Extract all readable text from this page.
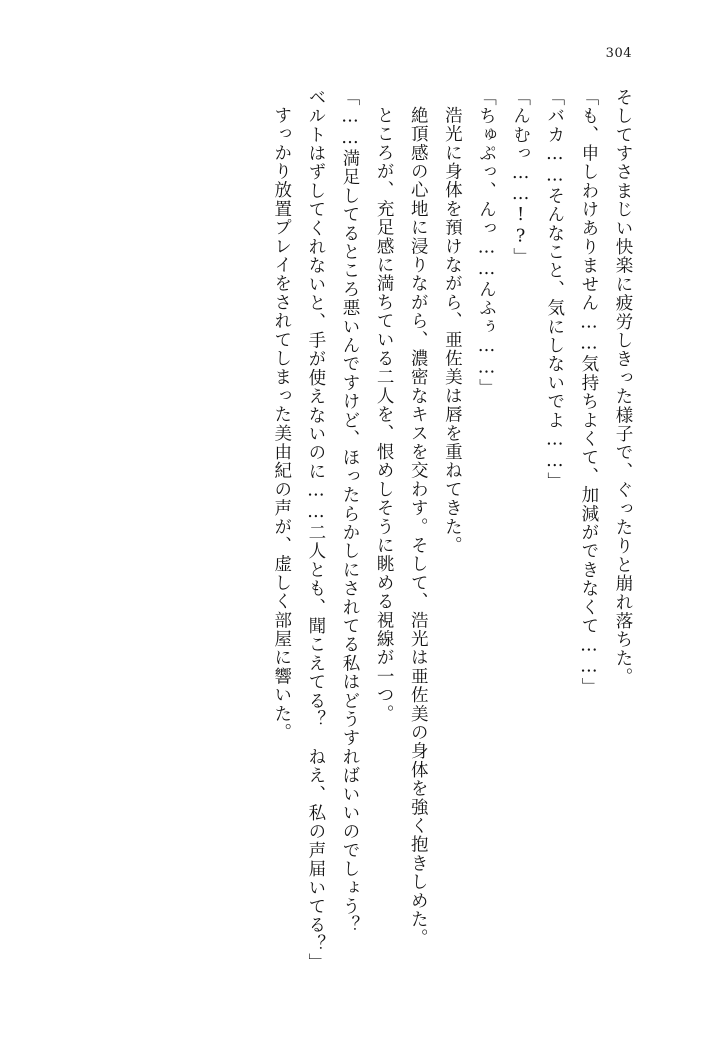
304
そしてすさまじい快楽に疲労しきった様子で、ぐったりと崩れ落ちた。
「も、申しわけありません……気持ちよくて、加減ができなくて……」
「バカ……そんなこと、気にしないでよ……」
「んむっ……!?」
「ちゅぷっ、んっ……んふぅ……」
浩光に身体を預けながら、亜佐美は唇を重ねてきた。
絶頂感の心地に浸りながら、濃密なキスを交わす。そして、浩光は亜佐美の身体を強く抱きしめた。
ところが、充足感に満ちている二人を、恨めしそうに眺める視線が一つ。
「……満足してるところ悪いんですけど、ほったらかしにされてる私はどうすればいいのでしょう？　ベルトはずしてくれないと、手が使えないのに……二人とも、聞こえてる？　ねえ、私の声届いてる？」
すっかり放置プレイをされてしまった美由紀の声が、虚しく部屋に響いた。
